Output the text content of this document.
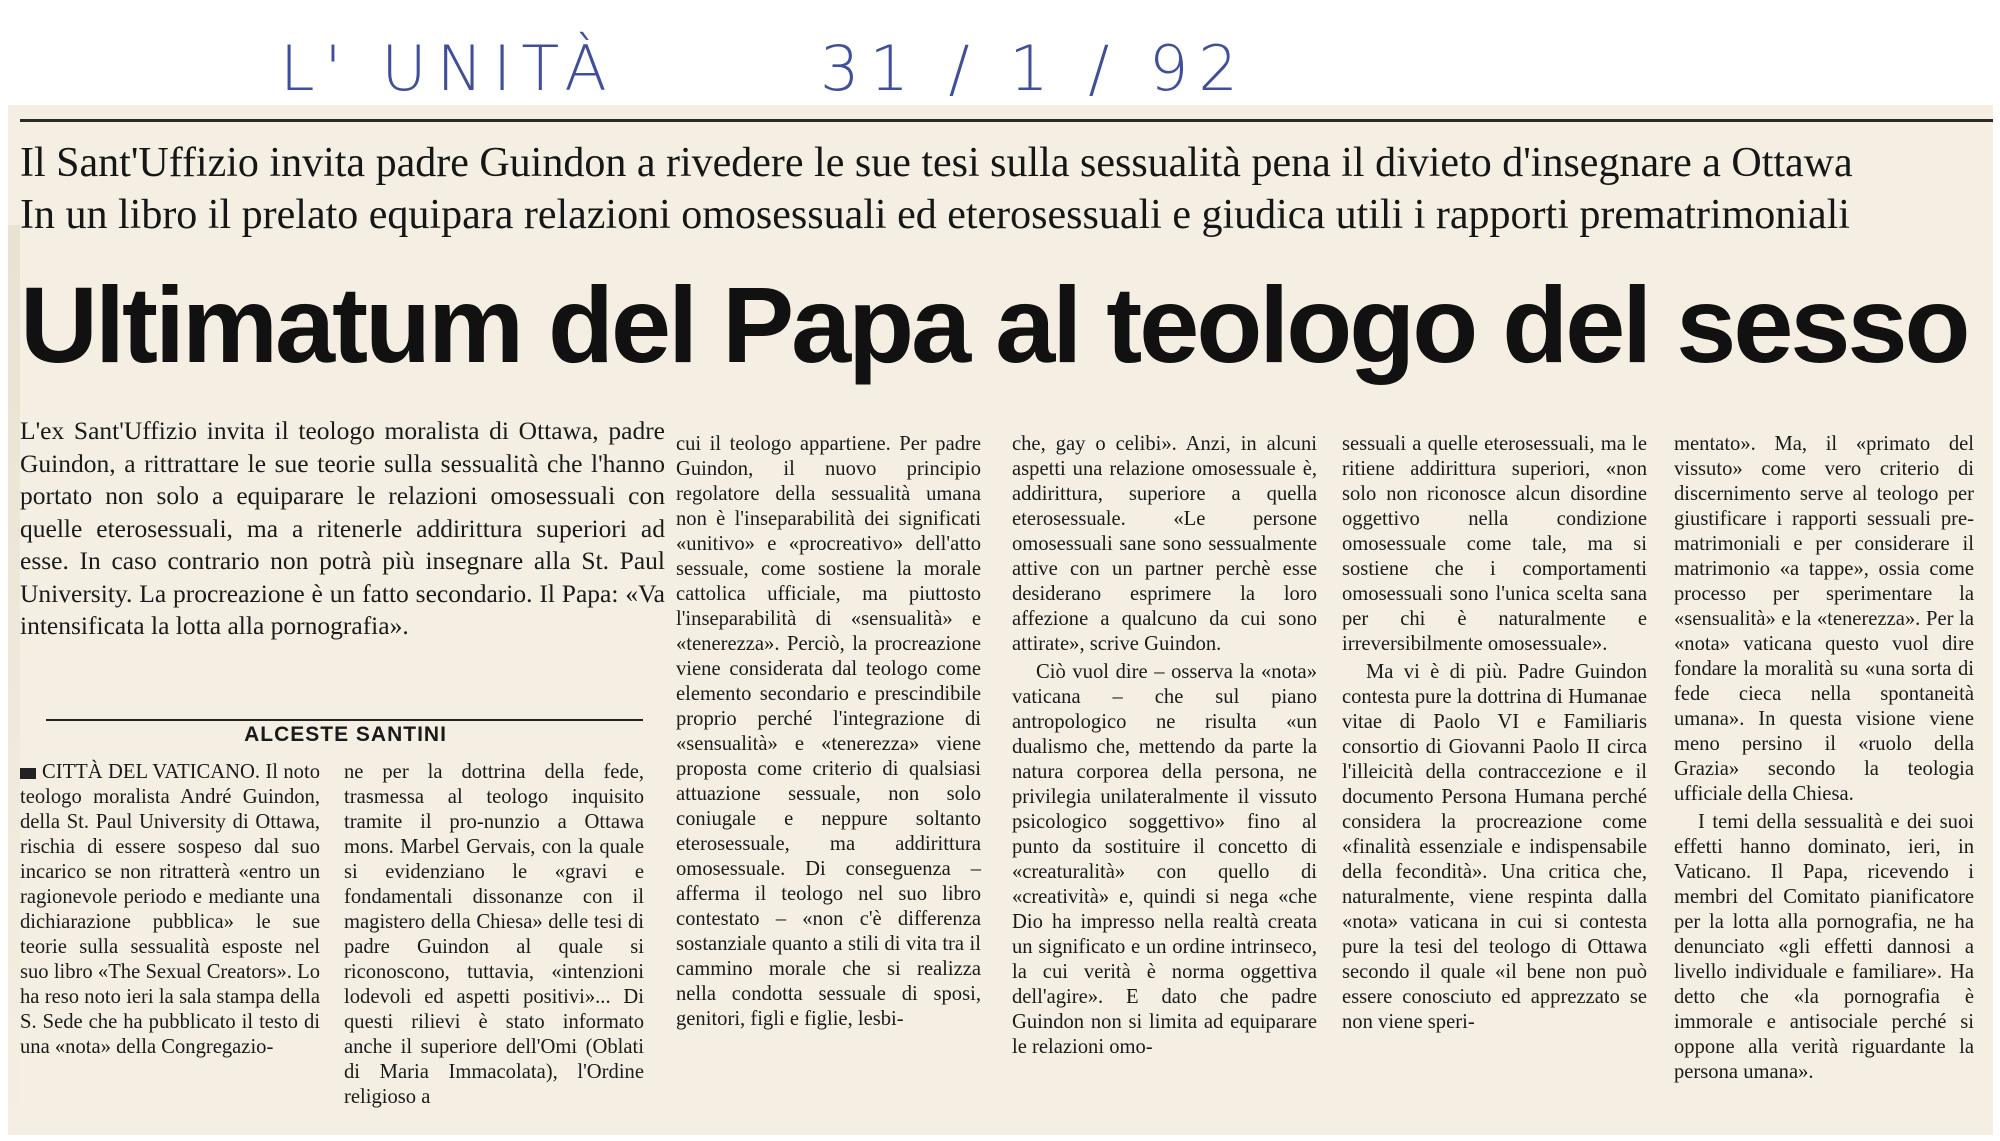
L' UNITÀ	31 / 1 / 92
Il Sant'Uffizio invita padre Guindon a rivedere le sue tesi sulla sessualità pena il divieto d'insegnare a Ottawa
In un libro il prelato equipara relazioni omosessuali ed eterosessuali e giudica utili i rapporti prematrimoniali
Ultimatum del Papa al teologo del sesso
L'ex Sant'Uffizio invita il teologo moralista di Ottawa, padre Guindon, a rittrattare le sue teorie sulla sessualità che l'hanno portato non solo a equiparare le relazioni omosessuali con quelle eterosessuali, ma a ritenerle addirittura superiori ad esse. In caso contrario non potrà più insegnare alla St. Paul University. La procreazione è un fatto secondario. Il Papa: «Va intensificata la lotta alla pornografia».
ALCESTE SANTINI

CITTÀ DEL VATICANO. Il noto teologo moralista André Guindon, della St. Paul University di Ottawa, rischia di essere sospeso dal suo incarico se non ritratterà «entro un ragionevole periodo e mediante una dichiarazione pubblica» le sue teorie sulla sessualità esposte nel suo libro «The Sexual Creators». Lo ha reso noto ieri la sala stampa della S. Sede che ha pubblicato il testo di una «nota» della Congregazio-

ne per la dottrina della fede, trasmessa al teologo inquisito tramite il pro-nunzio a Ottawa mons. Marbel Gervais, con la quale si evidenziano le «gravi e fondamentali dissonanze con il magistero della Chiesa» delle tesi di padre Guindon al quale si riconoscono, tuttavia, «intenzioni lodevoli ed aspetti positivi»... Di questi rilievi è stato informato anche il superiore dell'Omi (Oblati di Maria Immacolata), l'Ordine religioso a

cui il teologo appartiene. Per padre Guindon, il nuovo principio regolatore della sessualità umana non è l'inseparabilità dei significati «unitivo» e «procreativo» dell'atto sessuale, come sostiene la morale cattolica ufficiale, ma piuttosto l'inseparabilità di «sensualità» e «tenerezza». Perciò, la procreazione viene considerata dal teologo come elemento secondario e prescindibile proprio perché l'integrazione di «sensualità» e «tenerezza» viene proposta come criterio di qualsiasi attuazione sessuale, non solo coniugale e neppure soltanto eterosessuale, ma addirittura omosessuale. Di conseguenza – afferma il teologo nel suo libro contestato – «non c'è differenza sostanziale quanto a stili di vita tra il cammino morale che si realizza nella condotta sessuale di sposi, genitori, figli e figlie, lesbi-

che, gay o celibi». Anzi, in alcuni aspetti una relazione omosessuale è, addirittura, superiore a quella eterosessuale. «Le persone omosessuali sane sono sessualmente attive con un partner perchè esse desiderano esprimere la loro affezione a qualcuno da cui sono attirate», scrive Guindon.

Ciò vuol dire – osserva la «nota» vaticana – che sul piano antropologico ne risulta «un dualismo che, mettendo da parte la natura corporea della persona, ne privilegia unilateralmente il vissuto psicologico soggettivo» fino al punto da sostituire il concetto di «creaturalità» con quello di «creatività» e, quindi si nega «che Dio ha impresso nella realtà creata un significato e un ordine intrinseco, la cui verità è norma oggettiva dell'agire». E dato che padre Guindon non si limita ad equiparare le relazioni omo-

sessuali a quelle eterosessuali, ma le ritiene addirittura superiori, «non solo non riconosce alcun disordine oggettivo nella condizione omosessuale come tale, ma si sostiene che i comportamenti omosessuali sono l'unica scelta sana per chi è naturalmente e irreversibilmente omosessuale».

Ma vi è di più. Padre Guindon contesta pure la dottrina di Humanae vitae di Paolo VI e Familiaris consortio di Giovanni Paolo II circa l'illeicità della contraccezione e il documento Persona Humana perché considera la procreazione come «finalità essenziale e indispensabile della fecondità». Una critica che, naturalmente, viene respinta dalla «nota» vaticana in cui si contesta pure la tesi del teologo di Ottawa secondo il quale «il bene non può essere conosciuto ed apprezzato se non viene speri-

mentato». Ma, il «primato del vissuto» come vero criterio di discernimento serve al teologo per giustificare i rapporti sessuali pre-matrimoniali e per considerare il matrimonio «a tappe», ossia come processo per sperimentare la «sensualità» e la «tenerezza». Per la «nota» vaticana questo vuol dire fondare la moralità su «una sorta di fede cieca nella spontaneità umana». In questa visione viene meno persino il «ruolo della Grazia» secondo la teologia ufficiale della Chiesa.

I temi della sessualità e dei suoi effetti hanno dominato, ieri, in Vaticano. Il Papa, ricevendo i membri del Comitato pianificatore per la lotta alla pornografia, ne ha denunciato «gli effetti dannosi a livello individuale e familiare». Ha detto che «la pornografia è immorale e antisociale perché si oppone alla verità riguardante la persona umana».
